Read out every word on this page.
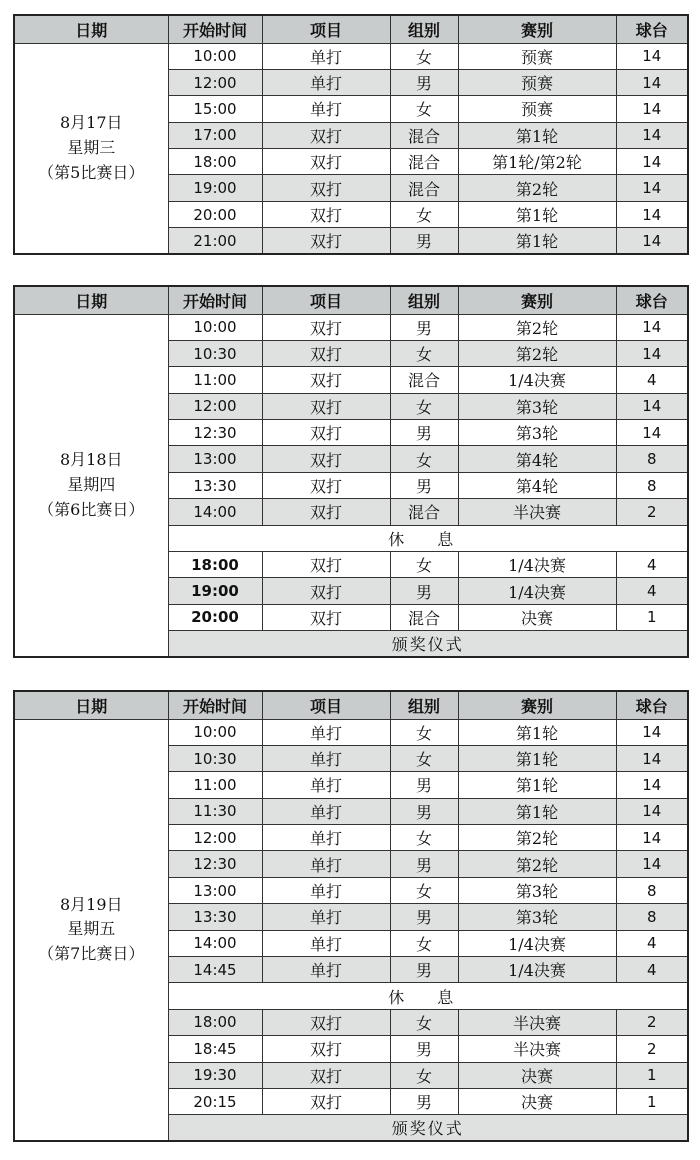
日期	开始时间	项目	组别	赛别	球台

8月17日
星期三
（第5比赛日）	10:00	单打	女	预赛	14
	12:00	单打	男	预赛	14
	15:00	单打	女	预赛	14
	17:00	双打	混合	第1轮	14
	18:00	双打	混合	第1轮/第2轮	14
	19:00	双打	混合	第2轮	14
	20:00	双打	女	第1轮	14
	21:00	双打	男	第1轮	14
日期	开始时间	项目	组别	赛别	球台

8月18日
星期四
（第6比赛日）	10:00	双打	男	第2轮	14
	10:30	双打	女	第2轮	14
	11:00	双打	混合	1/4决赛	4
	12:00	双打	女	第3轮	14
	12:30	双打	男	第3轮	14
	13:00	双打	女	第4轮	8
	13:30	双打	男	第4轮	8
	14:00	双打	混合	半决赛	2
	休 息				
	18:00	双打	女	1/4决赛	4
	19:00	双打	男	1/4决赛	4
	20:00	双打	混合	决赛	1
	颁奖仪式				
日期	开始时间	项目	组别	赛别	球台

8月19日
星期五
（第7比赛日）	10:00	单打	女	第1轮	14
	10:30	单打	女	第1轮	14
	11:00	单打	男	第1轮	14
	11:30	单打	男	第1轮	14
	12:00	单打	女	第2轮	14
	12:30	单打	男	第2轮	14
	13:00	单打	女	第3轮	8
	13:30	单打	男	第3轮	8
	14:00	单打	女	1/4决赛	4
	14:45	单打	男	1/4决赛	4
	休 息				
	18:00	双打	女	半决赛	2
	18:45	双打	男	半决赛	2
	19:30	双打	女	决赛	1
	20:15	双打	男	决赛	1
	颁奖仪式				
